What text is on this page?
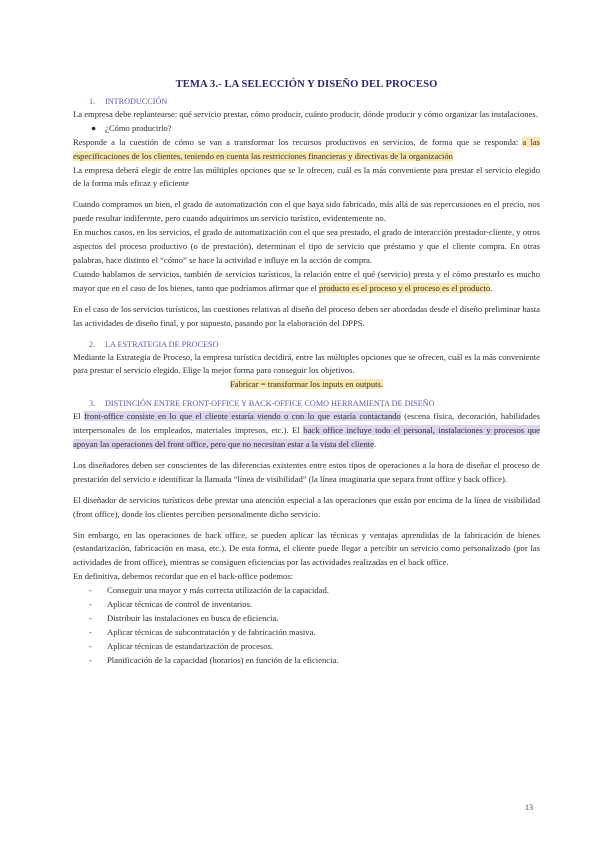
TEMA 3.- LA SELECCIÓN Y DISEÑO DEL PROCESO
1. INTRODUCCIÓN

La empresa debe replantearse: qué servicio prestar, cómo producir, cuánto producir, dónde producir y cómo organizar las instalaciones.

● ¿Cómo producirlo?

Responde a la cuestión de cómo se van a transformar los recursos productivos en servicios, de forma que se responda: a las especificaciones de los clientes, teniendo en cuenta las restricciones financieras y directivas de la organización

La empresa deberá elegir de entre las múltiples opciones que se le ofrecen, cuál es la más conveniente para prestar el servicio elegido de la forma más eficaz y eficiente

Cuando compramos un bien, el grado de automatización con el que haya sido fabricado, más allá de sus repercusiones en el precio, nos puede resultar indiferente, pero cuando adquirimos un servicio turístico, evidentemente no.

En muchos casos, en los servicios, el grado de automatización con el que sea prestado, el grado de interacción prestador-cliente, y otros aspectos del proceso productivo (o de prestación), determinan el tipo de servicio que préstamo y que el cliente compra. En otras palabras, hace distinto el “cómo” se hace la actividad e influye en la acción de compra.

Cuando hablamos de servicios, también de servicios turísticos, la relación entre el qué (servicio) presta y el cómo prestarlo es mucho mayor que en el caso de los bienes, tanto que podríamos afirmar que el producto es el proceso y el proceso es el producto.

En el caso de los servicios turísticos, las cuestiones relativas al diseño del proceso deben ser abordadas desde el diseño preliminar hasta las actividades de diseño final, y por supuesto, pasando por la elaboración del DPPS.

2. LA ESTRATEGIA DE PROCESO

Mediante la Estrategia de Proceso, la empresa turística decidirá, entre las múltiples opciones que se ofrecen, cuál es la más conveniente para prestar el servicio elegido. Elige la mejor forma para conseguir los objetivos.

Fabricar = transformar los inputs en outputs.
3. DISTINCIÓN ENTRE FRONT-OFFICE Y BACK-OFFICE COMO HERRAMIENTA DE DISEÑO

El front-office consiste en lo que el cliente estaría viendo o con lo que estaría contactando (escena física, decoración, habilidades interpersonales de los empleados, materiales impresos, etc.). El back office incluye todo el personal, instalaciones y procesos que apoyan las operaciones del front office, pero que no necesitan estar a la vista del cliente.

Los diseñadores deben ser conscientes de las diferencias existentes entre estos tipos de operaciones a la hora de diseñar el proceso de prestación del servicio e identificar la llamada “línea de visibilidad” (la línea imaginaria que separa front office y back office).

El diseñador de servicios turísticos debe prestar una atención especial a las operaciones que están por encima de la línea de visibilidad (front office), donde los clientes perciben personalmente dicho servicio.

Sin embargo, en las operaciones de back office, se pueden aplicar las técnicas y ventajas aprendidas de la fabricación de bienes (estandarización, fabricación en masa, etc.). De esta forma, el cliente puede llegar a percibir un servicio como personalizado (por las actividades de front office), mientras se consiguen eficiencias por las actividades realizadas en el back office.

En definitiva, debemos recordar que en el back-office podemos:

- Conseguir una mayor y más correcta utilización de la capacidad.
- Aplicar técnicas de control de inventarios.
- Distribuir las instalaciones en busca de eficiencia.
- Aplicar técnicas de subcontratación y de fabricación masiva.
- Aplicar técnicas de estandarización de procesos.
- Planificación de la capacidad (horarios) en función de la eficiencia.
13
